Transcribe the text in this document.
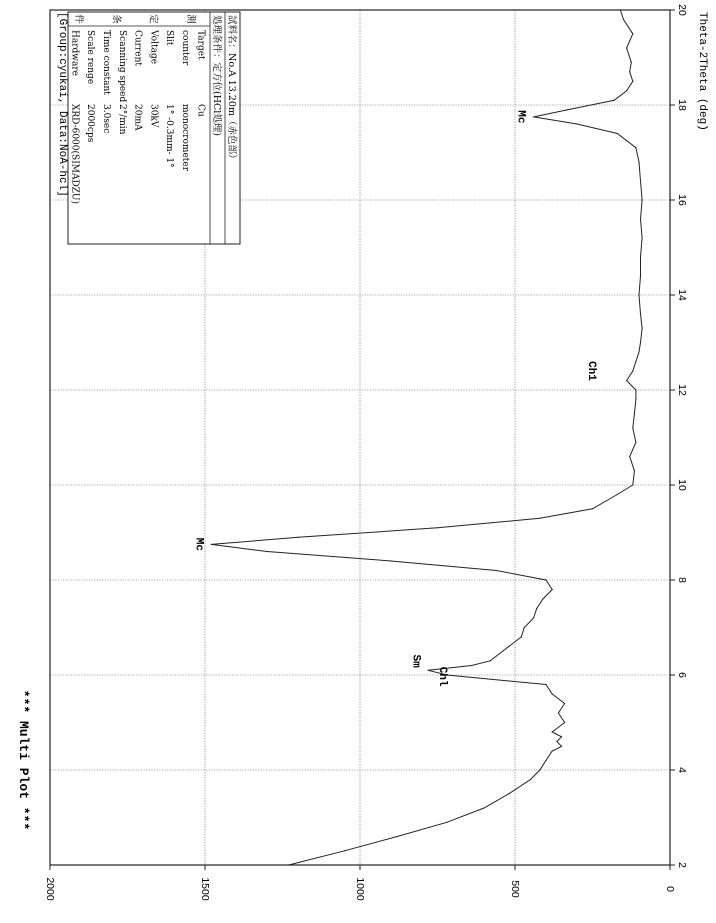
2
4
6
8
10
12
14
16
18
20
0
500
1000
1500
2000
Mc
Sm
Chl
Ch1
Mc
*** Multi Plot ***
[Group:cyukai, Data:NoA-hcl]	Theta-2Theta (deg)
試料名：No.A 13.20m（赤色部）
処理条件：定方位(HCl処理)
測
定
条
件
Target
Cu
counter
monocrometer
Slit
1° -0.3mm- 1°
Voltage
30kV
Current
20mA
Scanning speed
2°/min
Time constant
3.0sec
Scale renge
2000cps
Hardware
XRD-6000(SIMADZU)
